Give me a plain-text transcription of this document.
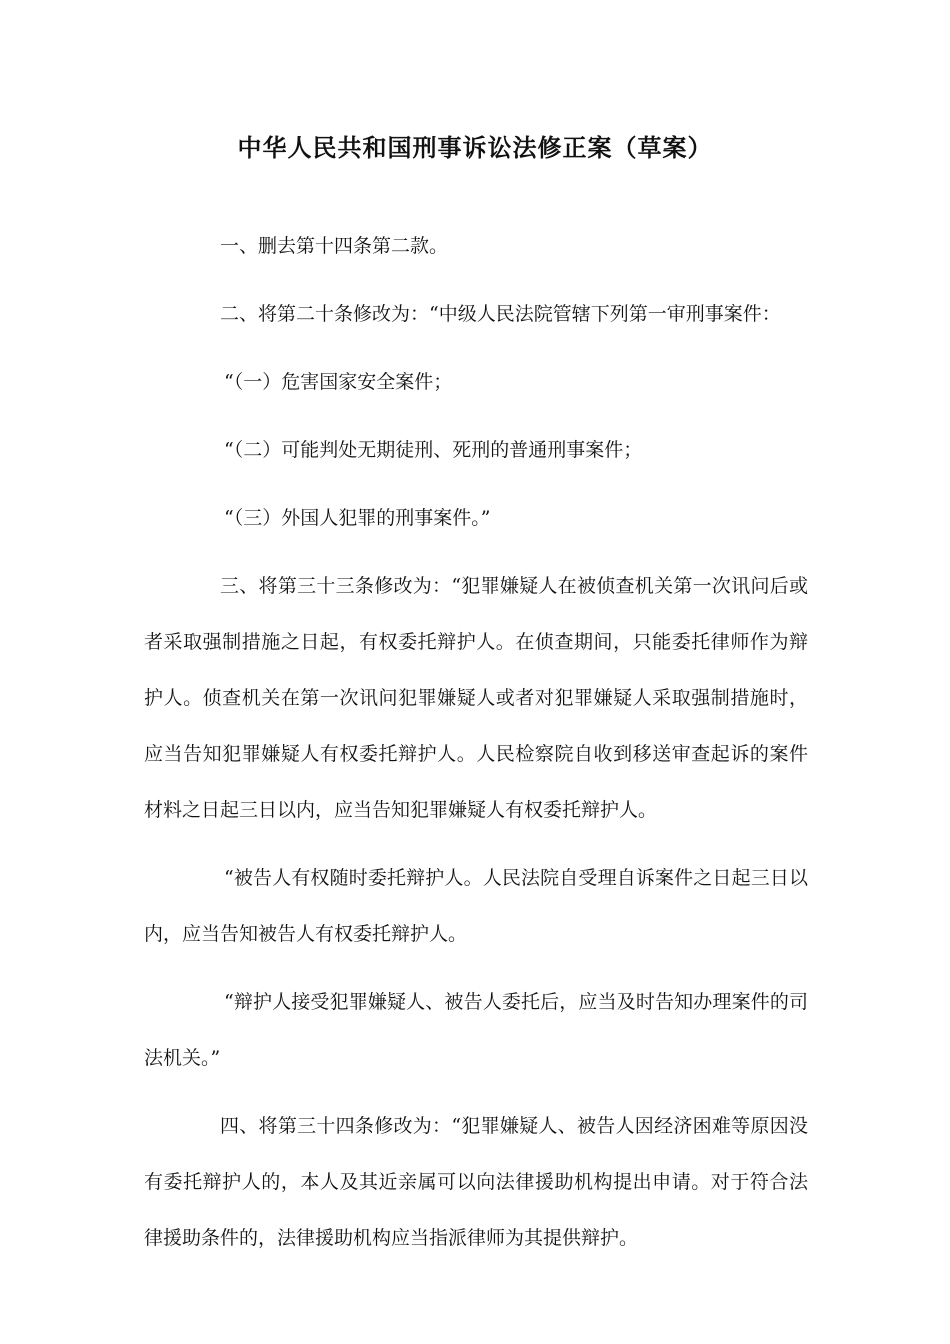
中华人民共和国刑事诉讼法修正案（草案）

一、删去第十四条第二款。

二、将第二十条修改为：“中级人民法院管辖下列第一审刑事案件：

“（一）危害国家安全案件；

“（二）可能判处无期徒刑、死刑的普通刑事案件；

“（三）外国人犯罪的刑事案件。”

三、将第三十三条修改为：“犯罪嫌疑人在被侦查机关第一次讯问后或者采取强制措施之日起，有权委托辩护人。在侦查期间，只能委托律师作为辩护人。侦查机关在第一次讯问犯罪嫌疑人或者对犯罪嫌疑人采取强制措施时，应当告知犯罪嫌疑人有权委托辩护人。人民检察院自收到移送审查起诉的案件材料之日起三日以内，应当告知犯罪嫌疑人有权委托辩护人。

“被告人有权随时委托辩护人。人民法院自受理自诉案件之日起三日以内，应当告知被告人有权委托辩护人。

“辩护人接受犯罪嫌疑人、被告人委托后，应当及时告知办理案件的司法机关。”

四、将第三十四条修改为：“犯罪嫌疑人、被告人因经济困难等原因没有委托辩护人的，本人及其近亲属可以向法律援助机构提出申请。对于符合法律援助条件的，法律援助机构应当指派律师为其提供辩护。
